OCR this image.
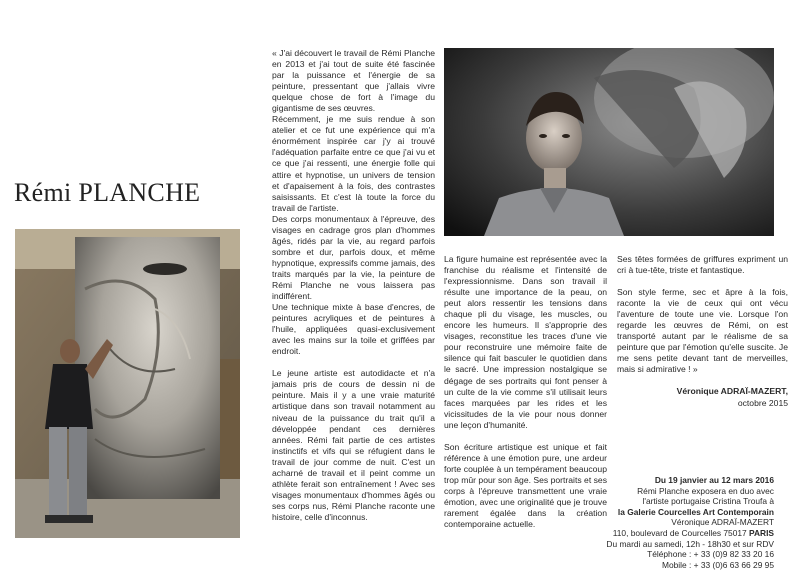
Rémi PLANCHE

« J'ai découvert le travail de Rémi Planche en 2013 et j'ai tout de suite été fascinée par la puissance et l'énergie de sa peinture, pressentant que j'allais vivre quelque chose de fort à l'image du gigantisme de ses œuvres.

Récemment, je me suis rendue à son atelier et ce fut une expérience qui m'a énormément inspirée car j'y ai trouvé l'adéquation parfaite entre ce que j'ai vu et ce que j'ai ressenti, une énergie folle qui attire et hypnotise, un univers de tension et d'apaisement à la fois, des contrastes saisissants. Et c'est là toute la force du travail de l'artiste.

Des corps monumentaux à l'épreuve, des visages en cadrage gros plan d'hommes âgés, ridés par la vie, au regard parfois sombre et dur, parfois doux, et même hypnotique, expressifs comme jamais, des traits marqués par la vie, la peinture de Rémi Planche ne vous laissera pas indifférent.

Une technique mixte à base d'encres, de peintures acryliques et de peintures à l'huile, appliquées quasi-exclusivement avec les mains sur la toile et griffées par endroit.

Le jeune artiste est autodidacte et n'a jamais pris de cours de dessin ni de peinture. Mais il y a une vraie maturité artistique dans son travail notamment au niveau de la puissance du trait qu'il a développée pendant ces dernières années. Rémi fait partie de ces artistes instinctifs et vifs qui se réfugient dans le travail de jour comme de nuit. C'est un acharné de travail et il peint comme un athlète ferait son entraînement ! Avec ses visages monumentaux d'hommes âgés ou ses corps nus, Rémi Planche raconte une histoire, celle d'inconnus.

La figure humaine est représentée avec la franchise du réalisme et l'intensité de l'expressionnisme. Dans son travail il résulte une importance de la peau, on peut alors ressentir les tensions dans chaque pli du visage, les muscles, ou encore les humeurs. Il s'approprie des visages, reconstitue les traces d'une vie pour reconstruire une mémoire faite de silence qui fait basculer le quotidien dans le sacré. Une impression nostalgique se dégage de ses portraits qui font penser à un culte de la vie comme s'il utilisait leurs faces marquées par les rides et les vicissitudes de la vie pour nous donner une leçon d'humanité.

Son écriture artistique est unique et fait référence à une émotion pure, une ardeur forte couplée à un tempérament beaucoup trop mûr pour son âge. Ses portraits et ses corps à l'épreuve transmettent une vraie émotion, avec une originalité que je trouve rarement égalée dans la création contemporaine actuelle.

Ses têtes formées de griffures expriment un cri à tue-tête, triste et fantastique.

Son style ferme, sec et âpre à la fois, raconte la vie de ceux qui ont vécu l'aventure de toute une vie. Lorsque l'on regarde les œuvres de Rémi, on est transporté autant par le réalisme de sa peinture que par l'émotion qu'elle suscite. Je me sens petite devant tant de merveilles, mais si admirative ! »

Véronique ADRAÏ-MAZERT,

octobre 2015

Du 19 janvier au 12 mars 2016
Rémi Planche exposera en duo avec
l'artiste portugaise Cristina Troufa à
la Galerie Courcelles Art Contemporain
Véronique ADRAÏ-MAZERT
110, boulevard de Courcelles 75017 PARIS
Du mardi au samedi, 12h - 18h30 et sur RDV
Téléphone : + 33 (0)9 82 33 20 16
Mobile : + 33 (0)6 63 66 29 95
